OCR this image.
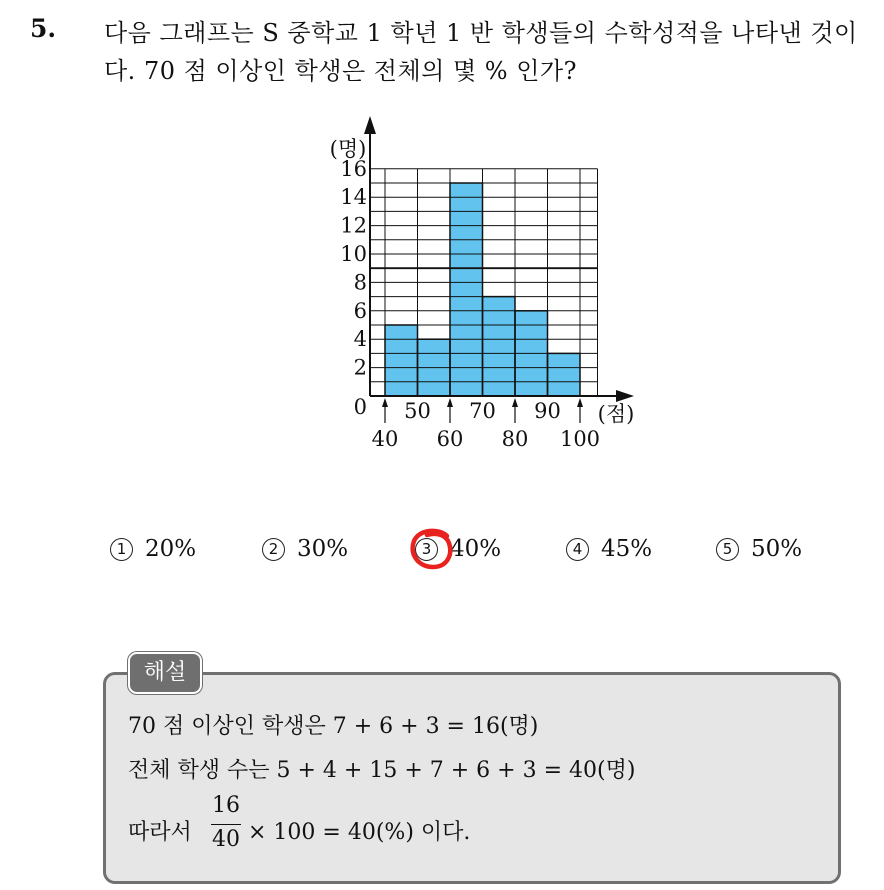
5. 다음 그래프는 S 중학교 1 학년 1 반 학생들의 수학성적을 나타낸 것이다. 70 점 이상인 학생은 전체의 몇 % 인가?
16
14
12
10
8
6
4
2
0
(명)
(점)
50 70 90
40 60 80 100
1 20%	2 30%	3 40%	4 45%	5 50%
해설
70 점 이상인 학생은 7 + 6 + 3 = 16(명)
전체 학생 수는 5 + 4 + 15 + 7 + 6 + 3 = 40(명)
따라서
16
40 × 100 = 40(%) 이다.
